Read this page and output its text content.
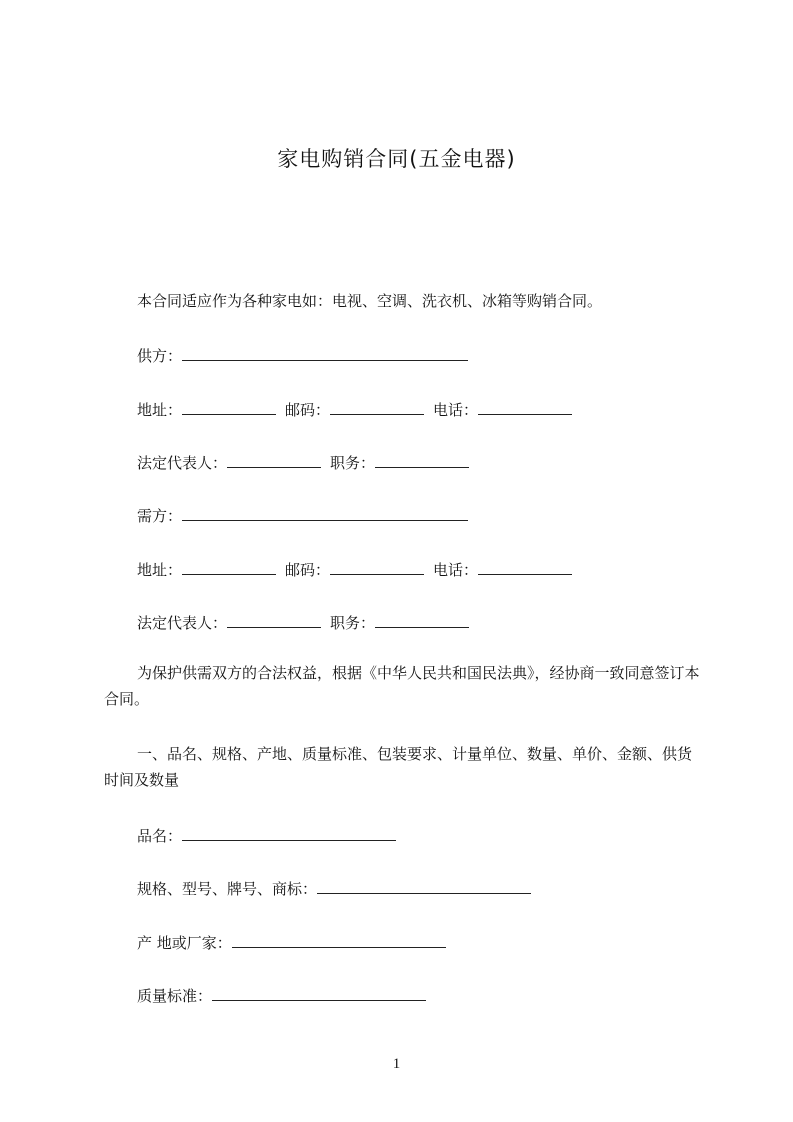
家电购销合同(五金电器)
本合同适应作为各种家电如：电视、空调、洗衣机、冰箱等购销合同。
供方：
地址：	邮码：	电话：
法定代表人：	职务：
需方：
地址：	邮码：	电话：
法定代表人：	职务：
为保护供需双方的合法权益，根据《中华人民共和国民法典》，经协商一致同意签订本合同。
一、品名、规格、产地、质量标准、包装要求、计量单位、数量、单价、金额、供货时间及数量
品名：
规格、型号、牌号、商标：
产 地或厂家：
质量标准：
1
